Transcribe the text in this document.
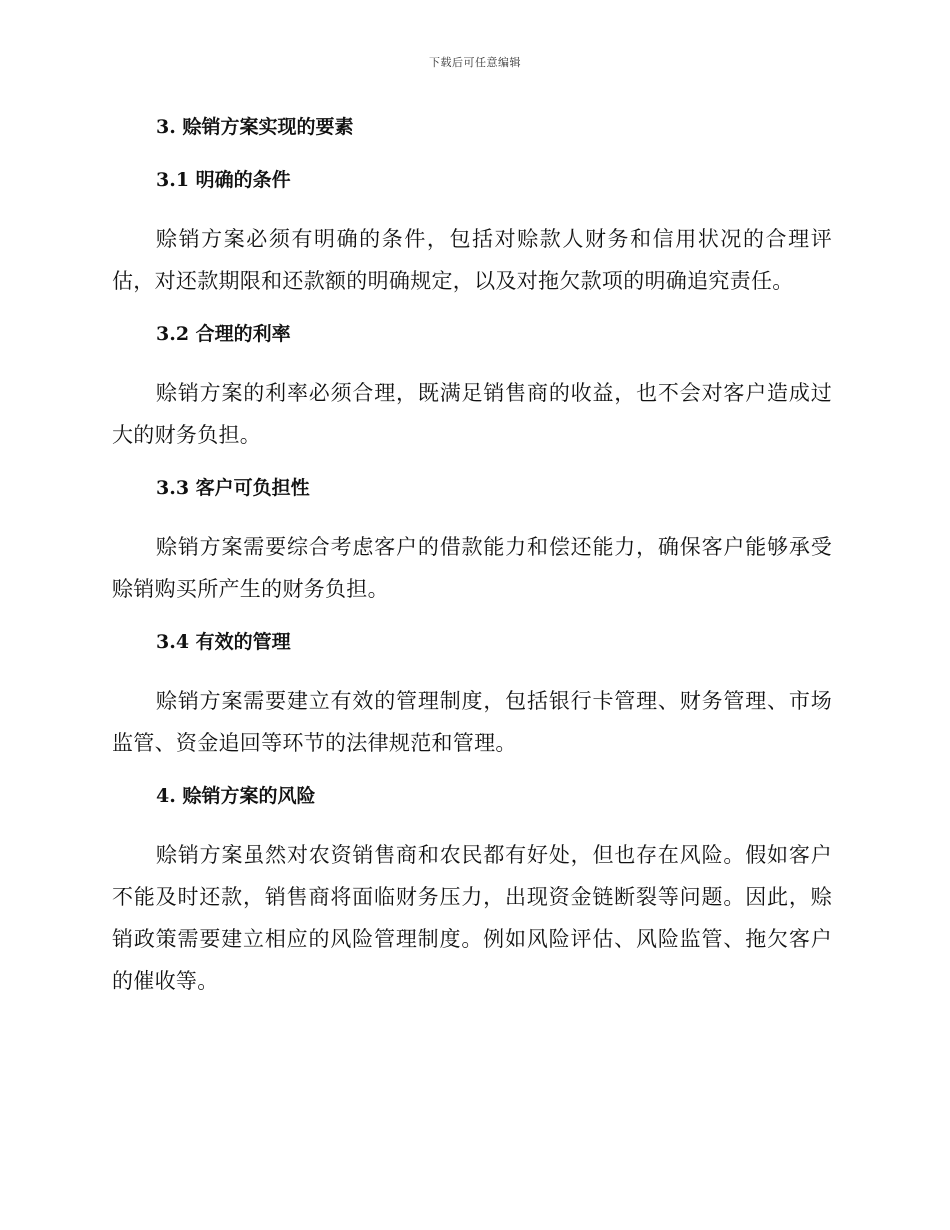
下载后可任意编辑
3. 赊销方案实现的要素
3.1 明确的条件
赊销方案必须有明确的条件，包括对赊款人财务和信用状况的合理评估，对还款期限和还款额的明确规定，以及对拖欠款项的明确追究责任。
3.2 合理的利率
赊销方案的利率必须合理，既满足销售商的收益，也不会对客户造成过大的财务负担。
3.3 客户可负担性
赊销方案需要综合考虑客户的借款能力和偿还能力，确保客户能够承受赊销购买所产生的财务负担。
3.4 有效的管理
赊销方案需要建立有效的管理制度，包括银行卡管理、财务管理、市场监管、资金追回等环节的法律规范和管理。
4. 赊销方案的风险
赊销方案虽然对农资销售商和农民都有好处，但也存在风险。假如客户不能及时还款，销售商将面临财务压力，出现资金链断裂等问题。因此，赊销政策需要建立相应的风险管理制度。例如风险评估、风险监管、拖欠客户的催收等。
